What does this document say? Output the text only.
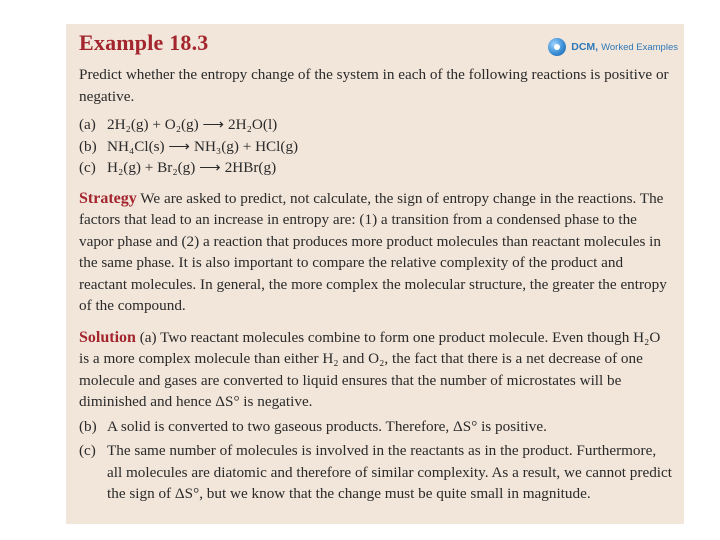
Example 18.3	DCM, Worked Examples

Predict whether the entropy change of the system in each of the following reactions is positive or negative.

(a) 2H₂(g) + O₂(g) ⟶ 2H₂O(l)
(b) NH₄Cl(s) ⟶ NH₃(g) + HCl(g)
(c) H₂(g) + Br₂(g) ⟶ 2HBr(g)

Strategy We are asked to predict, not calculate, the sign of entropy change in the reactions. The factors that lead to an increase in entropy are: (1) a transition from a condensed phase to the vapor phase and (2) a reaction that produces more product molecules than reactant molecules in the same phase. It is also important to compare the relative complexity of the product and reactant molecules. In general, the more complex the molecular structure, the greater the entropy of the compound.

Solution (a) Two reactant molecules combine to form one product molecule. Even though H₂O is a more complex molecule than either H₂ and O₂, the fact that there is a net decrease of one molecule and gases are converted to liquid ensures that the number of microstates will be diminished and hence ΔS° is negative.

(b) A solid is converted to two gaseous products. Therefore, ΔS° is positive.
(c) The same number of molecules is involved in the reactants as in the product. Furthermore, all molecules are diatomic and therefore of similar complexity. As a result, we cannot predict the sign of ΔS°, but we know that the change must be quite small in magnitude.
